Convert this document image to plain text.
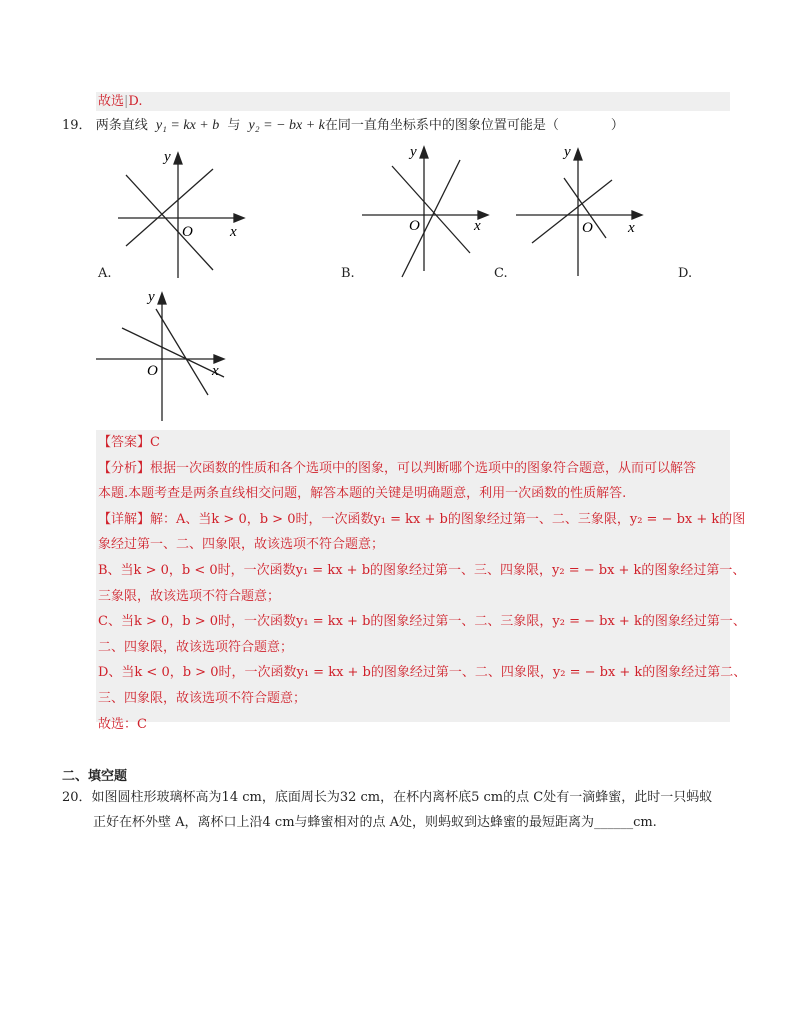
故选|D.
19． 两条直线 y₁ = kx + b 与 y₂ = − bx + k在同一直角坐标系中的图象位置可能是（　　　　）
y
x
O
y
x
O
y
x
O
A.	B.	C.	D.
y
x
O
【答案】C
【分析】根据一次函数的性质和各个选项中的图象，可以判断哪个选项中的图象符合题意，从而可以解答
本题.本题考查是两条直线相交问题，解答本题的关键是明确题意，利用一次函数的性质解答.
【详解】解：A、当k > 0，b > 0时，一次函数y₁ = kx + b的图象经过第一、二、三象限，y₂ = − bx + k的图
象经过第一、二、四象限，故该选项不符合题意；
B、当k > 0，b < 0时，一次函数y₁ = kx + b的图象经过第一、三、四象限，y₂ = − bx + k的图象经过第一、
三象限，故该选项不符合题意；
C、当k > 0，b > 0时，一次函数y₁ = kx + b的图象经过第一、二、三象限，y₂ = − bx + k的图象经过第一、
二、四象限，故该选项符合题意；
D、当k < 0，b > 0时，一次函数y₁ = kx + b的图象经过第一、二、四象限，y₂ = − bx + k的图象经过第二、
三、四象限，故该选项不符合题意；
故选：C
二、填空题
20．如图圆柱形玻璃杯高为14 cm，底面周长为32 cm，在杯内离杯底5 cm的点 C处有一滴蜂蜜，此时一只蚂蚁
正好在杯外壁 A，离杯口上沿4 cm与蜂蜜相对的点 A处，则蚂蚁到达蜂蜜的最短距离为______cm.
